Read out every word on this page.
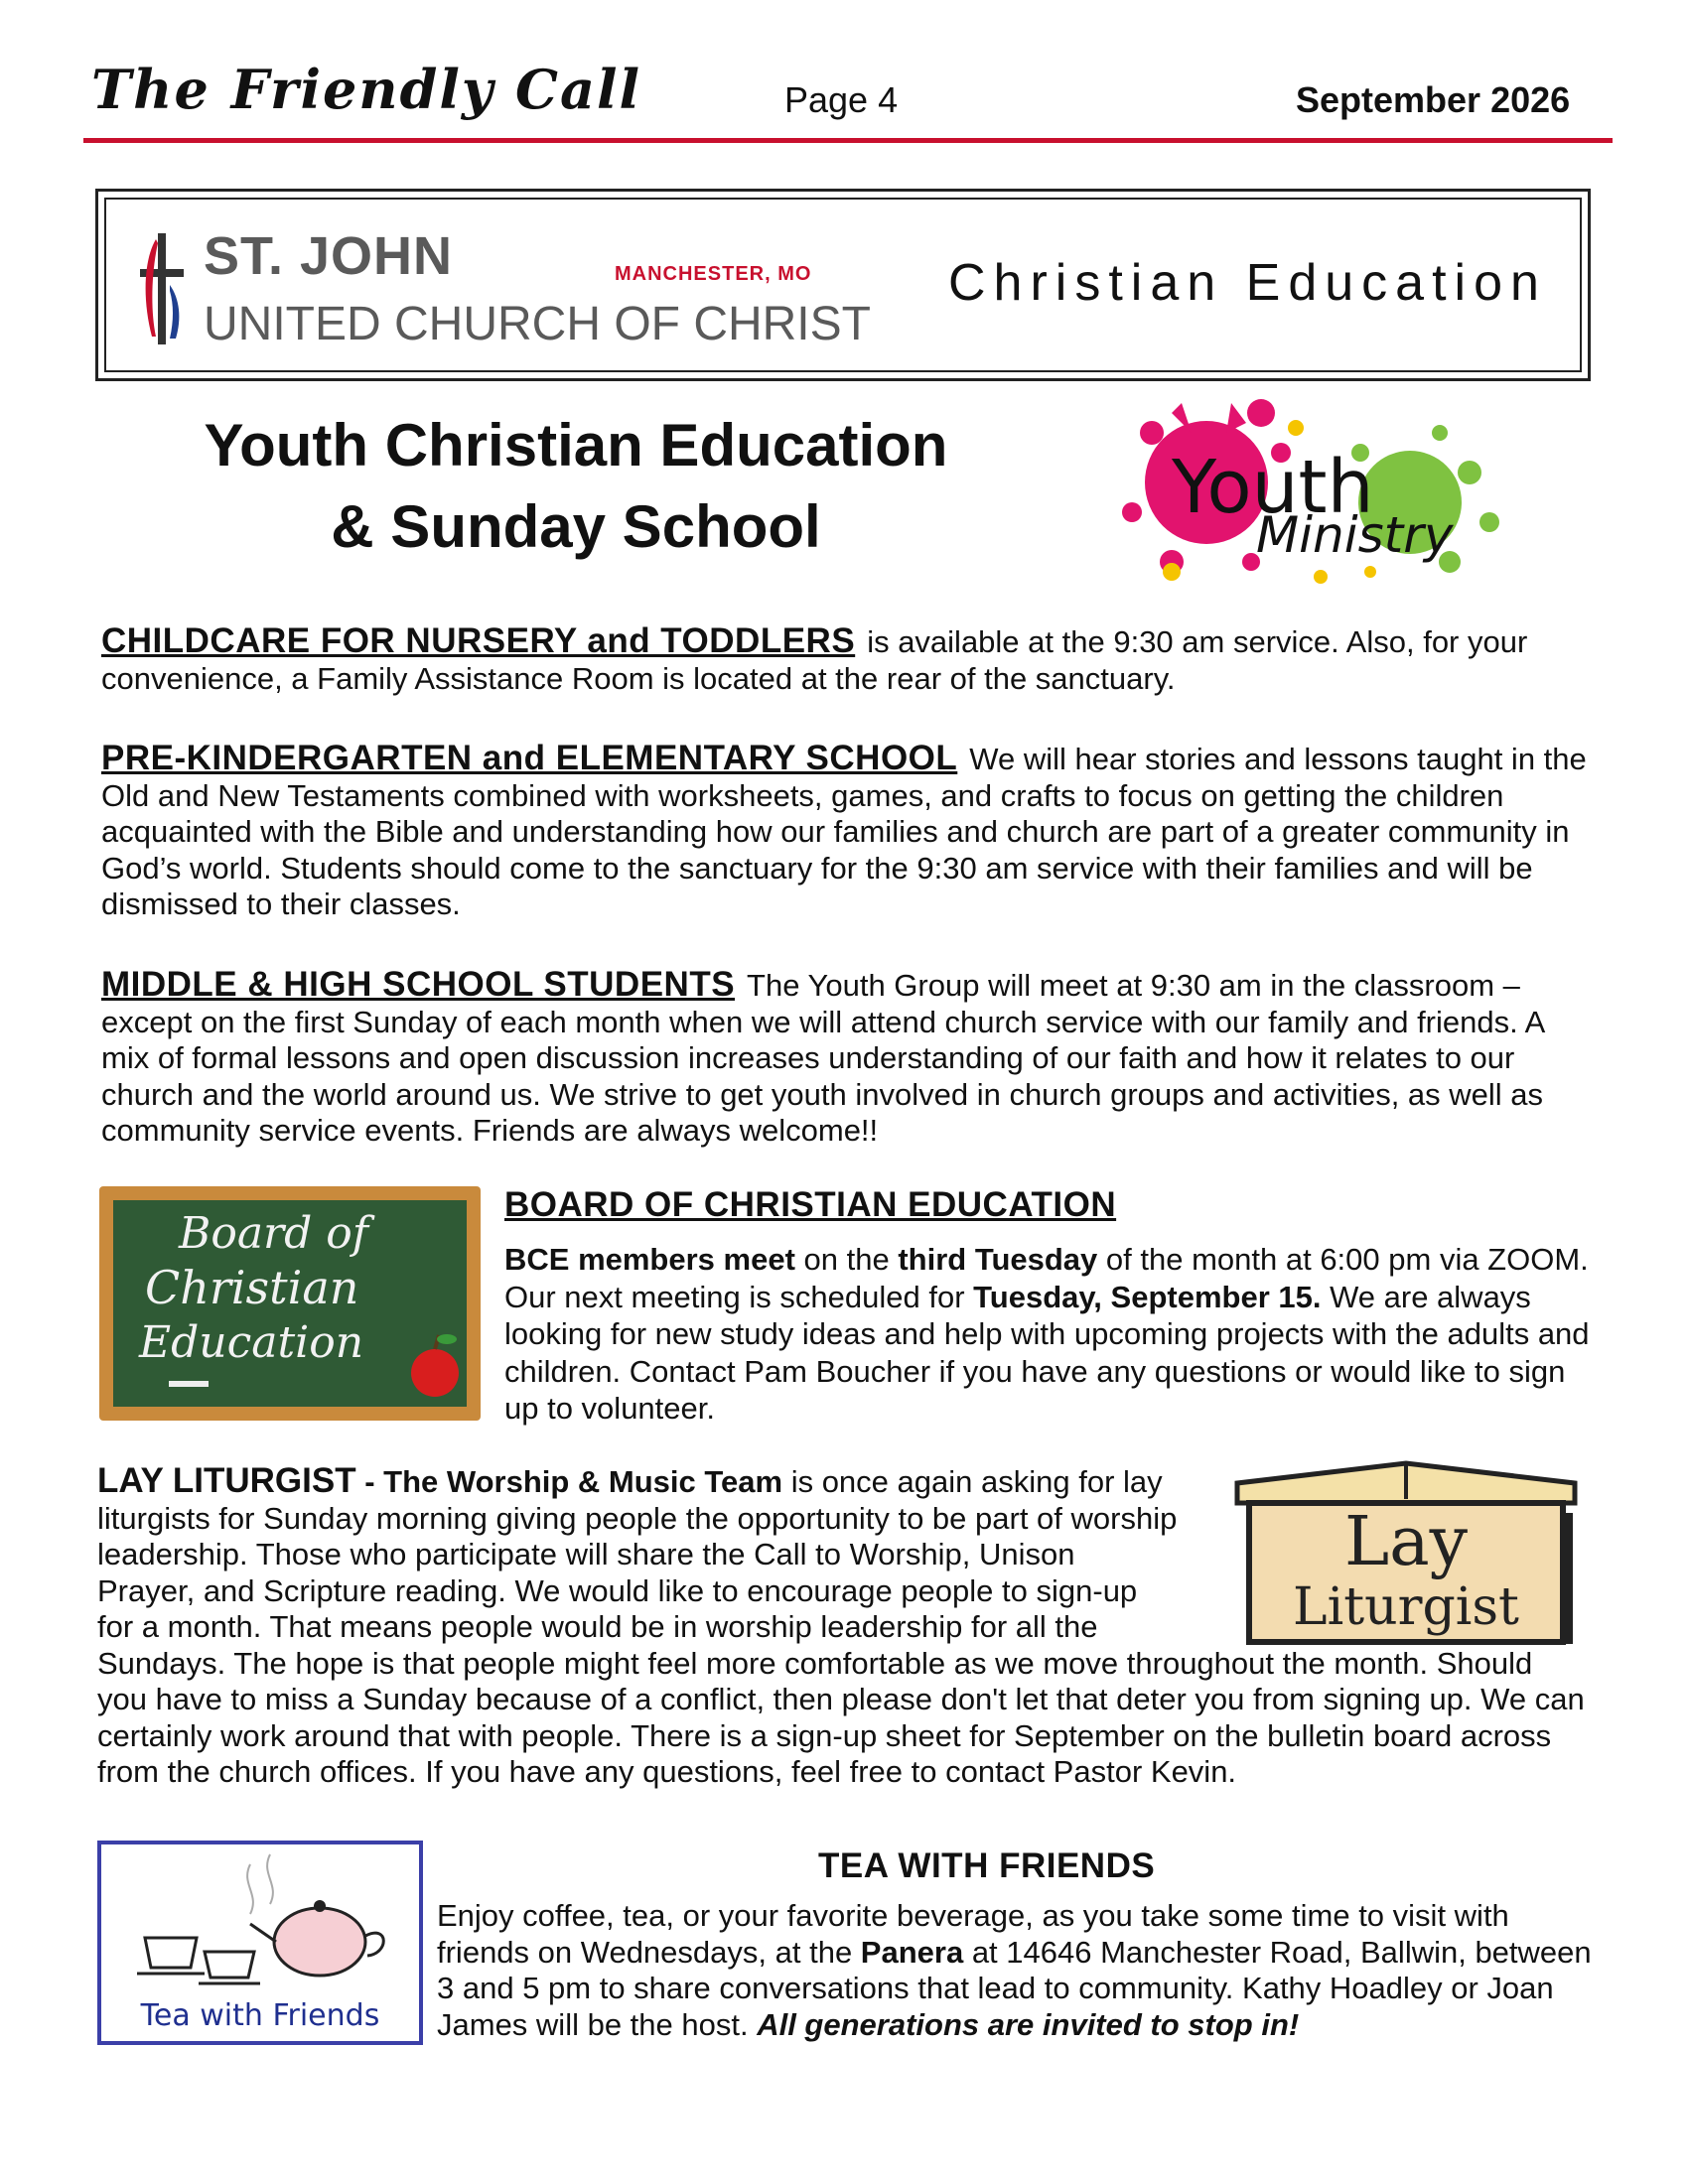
The Friendly Call	Page 4	September 2026
ST. JOHN
UNITED CHURCH OF CHRIST
MANCHESTER, MO	Christian Education
Youth Christian Education
& Sunday School	Youth
Ministry
CHILDCARE FOR NURSERY and TODDLERS is available at the 9:30 am service. Also, for your convenience, a Family Assistance Room is located at the rear of the sanctuary.
PRE-KINDERGARTEN and ELEMENTARY SCHOOL We will hear stories and lessons taught in the Old and New Testaments combined with worksheets, games, and crafts to focus on getting the children acquainted with the Bible and understanding how our families and church are part of a greater community in God’s world. Students should come to the sanctuary for the 9:30 am service with their families and will be dismissed to their classes.
MIDDLE & HIGH SCHOOL STUDENTS The Youth Group will meet at 9:30 am in the classroom – except on the first Sunday of each month when we will attend church service with our family and friends. A mix of formal lessons and open discussion increases understanding of our faith and how it relates to our church and the world around us. We strive to get youth involved in church groups and activities, as well as community service events. Friends are always welcome!!
Board of
Christian
Education
BOARD OF CHRISTIAN EDUCATION
BCE members meet on the third Tuesday of the month at 6:00 pm via ZOOM. Our next meeting is scheduled for Tuesday, September 15. We are always looking for new study ideas and help with upcoming projects with the adults and children. Contact Pam Boucher if you have any questions or would like to sign up to volunteer.
Lay
Liturgist
LAY LITURGIST - The Worship & Music Team is once again asking for lay liturgists for Sunday morning giving people the opportunity to be part of worship leadership. Those who participate will share the Call to Worship, Unison Prayer, and Scripture reading. We would like to encourage people to sign-up for a month. That means people would be in worship leadership for all the Sundays. The hope is that people might feel more comfortable as we move throughout the month. Should you have to miss a Sunday because of a conflict, then please don't let that deter you from signing up. We can certainly work around that with people. There is a sign-up sheet for September on the bulletin board across from the church offices. If you have any questions, feel free to contact Pastor Kevin.
Tea with Friends
TEA WITH FRIENDS
Enjoy coffee, tea, or your favorite beverage, as you take some time to visit with friends on Wednesdays, at the Panera at 14646 Manchester Road, Ballwin, between 3 and 5 pm to share conversations that lead to community. Kathy Hoadley or Joan James will be the host. All generations are invited to stop in!
